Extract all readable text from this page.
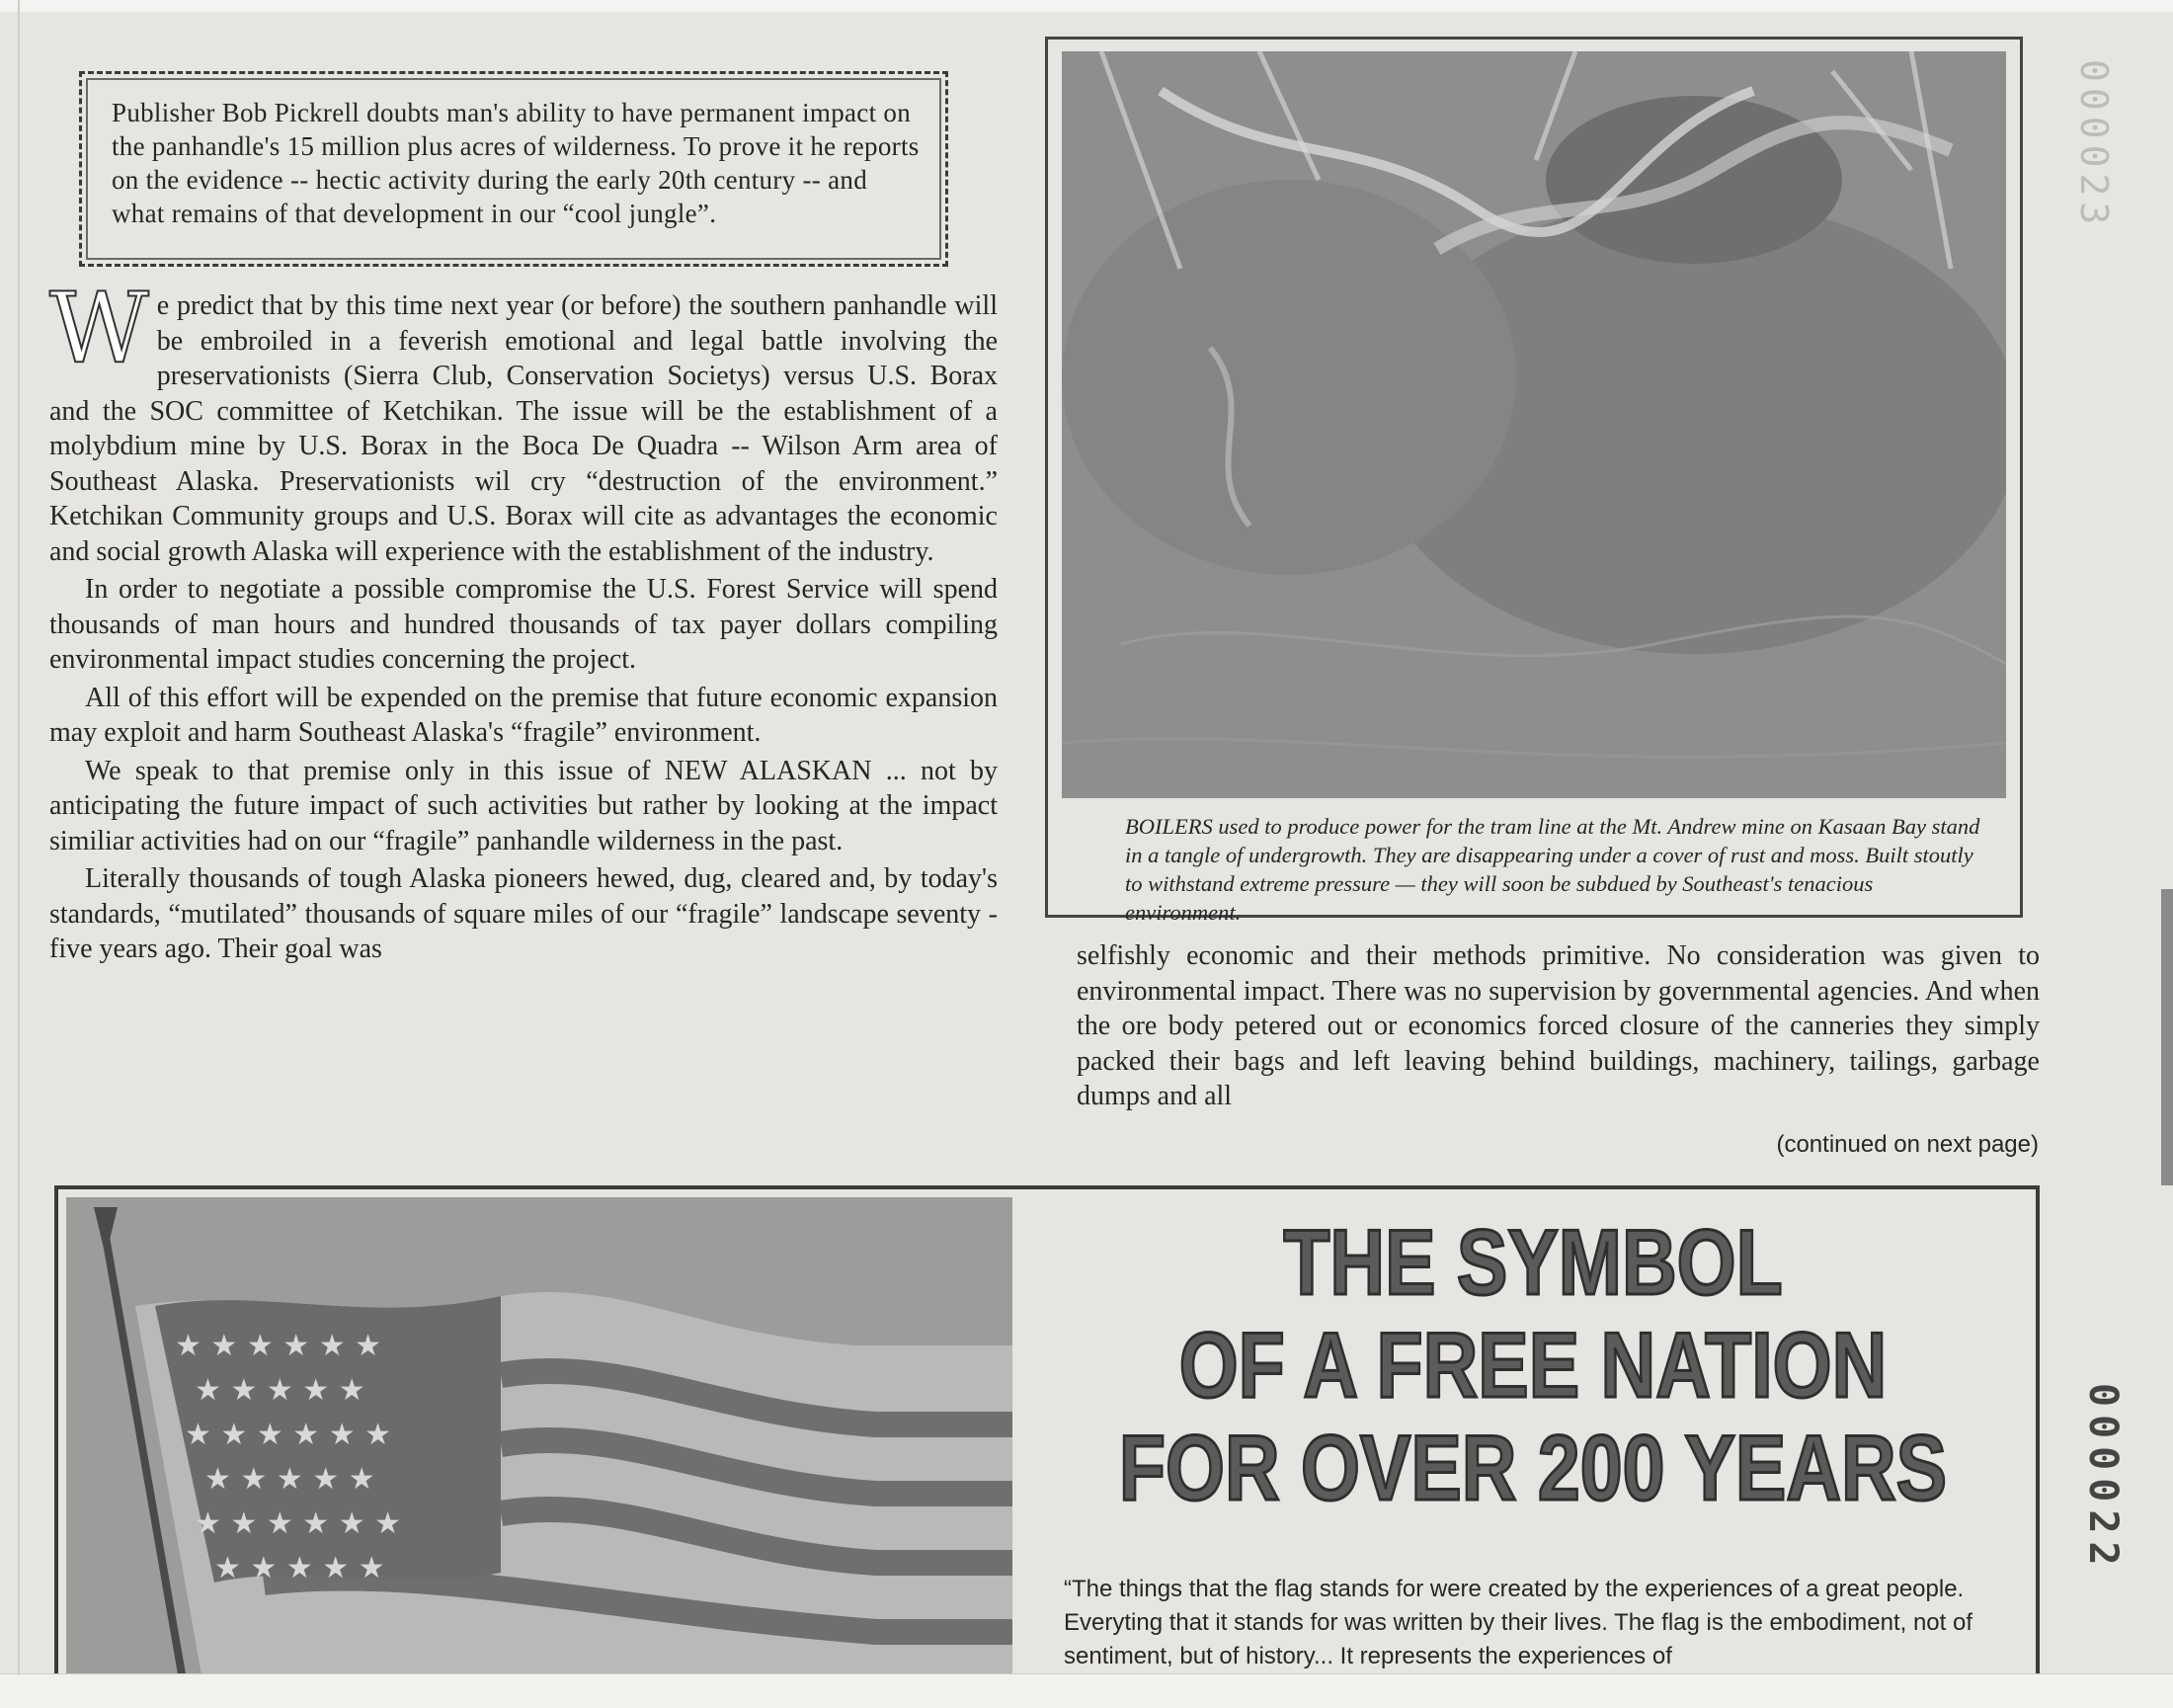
Publisher Bob Pickrell doubts man's ability to have permanent impact on the panhandle's 15 million plus acres of wilderness. To prove it he reports on the evidence -- hectic activity during the early 20th century -- and what remains of that development in our “cool jungle”.

We predict that by this time next year (or before) the southern panhandle will be embroiled in a feverish emotional and legal battle involving the preservationists (Sierra Club, Conservation Societys) versus U.S. Borax and the SOC committee of Ketchikan. The issue will be the establishment of a molybdium mine by U.S. Borax in the Boca De Quadra -- Wilson Arm area of Southeast Alaska. Preservationists wil cry “destruction of the environment.” Ketchikan Community groups and U.S. Borax will cite as advantages the economic and social growth Alaska will experience with the establishment of the industry.

In order to negotiate a possible compromise the U.S. Forest Service will spend thousands of man hours and hundred thousands of tax payer dollars compiling environmental impact studies concerning the project.

All of this effort will be expended on the premise that future economic expansion may exploit and harm Southeast Alaska's “fragile” environment.

We speak to that premise only in this issue of NEW ALASKAN ... not by anticipating the future impact of such activities but rather by looking at the impact similiar activities had on our “fragile” panhandle wilderness in the past.

Literally thousands of tough Alaska pioneers hewed, dug, cleared and, by today's standards, “mutilated” thousands of square miles of our “fragile” landscape seventy - five years ago. Their goal was

BOILERS used to produce power for the tram line at the Mt. Andrew mine on Kasaan Bay stand in a tangle of undergrowth. They are disappearing under a cover of rust and moss. Built stoutly to withstand extreme pressure — they will soon be subdued by Southeast's tenacious environment.

selfishly economic and their methods primitive. No consideration was given to environmental impact. There was no supervision by governmental agencies. And when the ore body petered out or economics forced closure of the canneries they simply packed their bags and left leaving behind buildings, machinery, tailings, garbage dumps and all

(continued on next page)
★ ★ ★ ★ ★ ★
★ ★ ★ ★ ★
★ ★ ★ ★ ★ ★
★ ★ ★ ★ ★
★ ★ ★ ★ ★ ★
★ ★ ★ ★ ★
THE SYMBOL
OF A FREE NATION
FOR OVER 200 YEARS

“The things that the flag stands for were created by the experiences of a great people. Everyting that it stands for was written by their lives. The flag is the embodiment, not of sentiment, but of history... It represents the experiences of

000023
000022
